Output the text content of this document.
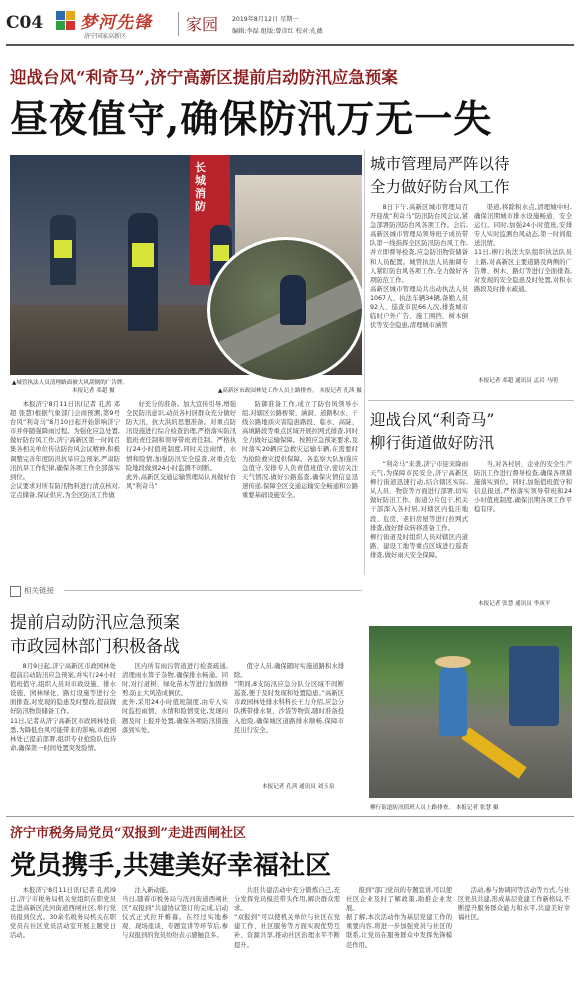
C04 梦河先锋
济宁国家高新区
家园 2019年8月12日 星期一
编辑:李磊 组版:曾彦红 校对:孔薇
迎战台风“利奇马”,济宁高新区提前启动防汛应急预案
昼夜值守,确保防汛万无一失
长城消防
▲城管执法人员清理路面被大风刮倒的广告牌。
本报记者 邓超 摄	▲高新区市政园林处工作人员上路排查。 本报记者 孔茜 摄

本报济宁8月11日讯(记者 孔茜 邓超 张慧)根据气象部门会商预测,第9号台风“利奇马”8月10日起开始影响济宁市并伴随强降雨过程。为强化应急处置,做好防台风工作,济宁高新区第一时间召集各相关单位传达防台风会议精神,积极调整完善年度防汛抗旱应急预案,严肃防汛抗旱工作纪律,确保各项工作全部落实到位。
会议要求对所有防汛物料进行清点核对,定点储备,保证供应,为全区防汛工作做

好充分的准备。加大宣传引导,增强全民防汛意识,动员各村居群众充分做好防大汛、抗大洪的思想准备。对重点防汛设施进行综合检查治理,严格落实防汛值班责任制和领导带班责任制。严格执行24小时值班制度,同时关注雨情、水情和险情,加强防汛安全巡查,对重点危险地段做到24小时监测不间断。
此外,高新区交通运输管理局认真做好台风“利奇马”

防御准备工作,成立了防台风领导小组,对辖区公路桥梁、涵洞、道路积水、干线公路地质灾害隐患路段、临水、高陡、高填路段等重点区域开展拉网式排查,同时全力做好运输保障。按照应急预案要求,及时落实20辆应急救灾运输车辆,在需要时为抢险救灾提供保障。各监察大队加强应急值守,安排专人负责值班值守,密切关注天气情况,做好公路巡查,确保灾情信息迅速传递,保障全区交通运输安全畅通和公路重要基础设施安全。

城市管理局严阵以待
全力做好防台风工作

8日下午,高新区城市管理局召开迎战“利奇马”防汛防台风会议,紧急部署防汛防台风各项工作。会后,高新区城市管理局领导班子成员带队第一线指挥全区防汛防台风工作,并立即督导检查,应急防汛物资储备和人员配置。城管执法人员抽调专人紧盯防台风各项工作,全力做好各项防范工作。
高新区城市管理局共出动执法人员1067人、执法车辆34辆,备勤人员92人、巡查市民66人次,排查城市临时户外广告、施工围挡、树木倒伏等安全隐患,清理城市涵管

渠道,移除积水点,清理城中村,确保汛期城市排水设施畅通、安全运行。同时,加强24小时值班,安排专人实时监测台风动态,第一时间报送汛情。
11日,柳行执法大队组织执法队员上路,对高新区主要道路及两侧的广告牌、树木、路灯等进行全面排查,对发现的安全隐患及时处置,对积水路段及时排水疏通。

本报记者 邓超 通讯员 孟岩 马明
迎战台风“利奇马”
柳行街道做好防汛

“利奇马”来袭,济宁市迎来降雨天气,为保障市民安全,济宁高新区柳行街道迅速行动,结合辖区实际,从人员、物资等方面进行部署,切实做好防汛工作。街道分片包干,机关干部深入各村居,对辖区内低洼地段、危房、老旧房屋等进行拉网式排查,做好群众转移准备工作。
柳行街道及时组织人员对辖区内道路、建设工地等重点区域进行巡查排查,做好雨天安全保障。

当,对各村居、企业的安全生产防汛工作进行督导检查,确保各项措施落实到位。同时,加强值班值守和信息报送,严格落实领导带班和24小时值班制度,确保汛期各项工作平稳有序。

本报记者 张慧 通讯员 李庚平
相关链接
提前启动防汛应急预案
市政园林部门积极备战

8月9日起,济宁高新区市政园林处提前启动防汛应急预案,并实行24小时值班值守,组织人员对市政设施、排水设施、园林绿化、路灯设施等进行全面排查,对发现的隐患及时整改,提前做好防汛物资储备工作。
11日,记者从济宁高新区市政园林处获悉,为降低台风可能带来的影响,市政园林处已提前部署,组织专业抢险队伍待命,确保第一时间处置突发险情。

区内所有雨污管道进行检查疏通,清理雨水箅子杂物,确保排水畅通。同时,对行道树、绿化苗木等进行加固修剪,防止大风造成倒伏。
此外,采用24小时值班制度,由专人实时监控雨情、水情和险情变化,发现问题及时上报并处置,确保各项防汛措施落到实处。

值守人员,确保随时实施道路积水排除。
“期间,8支防汛应急分队分区域不间断巡查,便于及时发现和处置隐患。”高新区市政园林处排水科科长王力介绍,应急分队携带排水泵、沙袋等物资,随时准备投入抢险,确保城区道路排水顺畅,保障市民出行安全。

本报记者 孔茜 通讯员 刘玉泉
柳行街道防汛值班人员上路排查。 本报记者 张慧 摄
济宁市税务局党员“双报到”走进西闸社区
党员携手,共建美好幸福社区

本报济宁8月11日讯(记者 孔茜)9日,济宁市税务局机关党组织在职党员走进高新区洸河街道西闸社区,举行党员报到仪式。30余名税务局机关在职党员在社区党员活动室开展主题党日活动。

注入新动能。
当日,随着市税务局与洸河街道西闸社区“双报到”共建协议签订的完成,启动仪式正式拉开帷幕。在经过实地参观、现场座谈、专题宣讲等环节后,参与双报到的党员纷纷表示感触良多。

共驻共建活动中充分锻炼自己,充分发挥党员模范带头作用,解决群众需求。
“双报到”可以使机关单位与社区在党建工作、社区服务等方面实现优势互补、资源共享,推动社区治理水平不断提升。

报到”部门党员的专题宣讲,可以使社区企业及时了解政策,助推企业发展。
据了解,本次活动作为基层党建工作的重要内容,将进一步加强党员与社区的联系,让党员在服务群众中发挥先锋模范作用。

活动,参与协调同等活动等方式,与社区党员共建,形成基层党建工作新格局,不断提升服务群众能力和水平,共建美好幸福社区。
